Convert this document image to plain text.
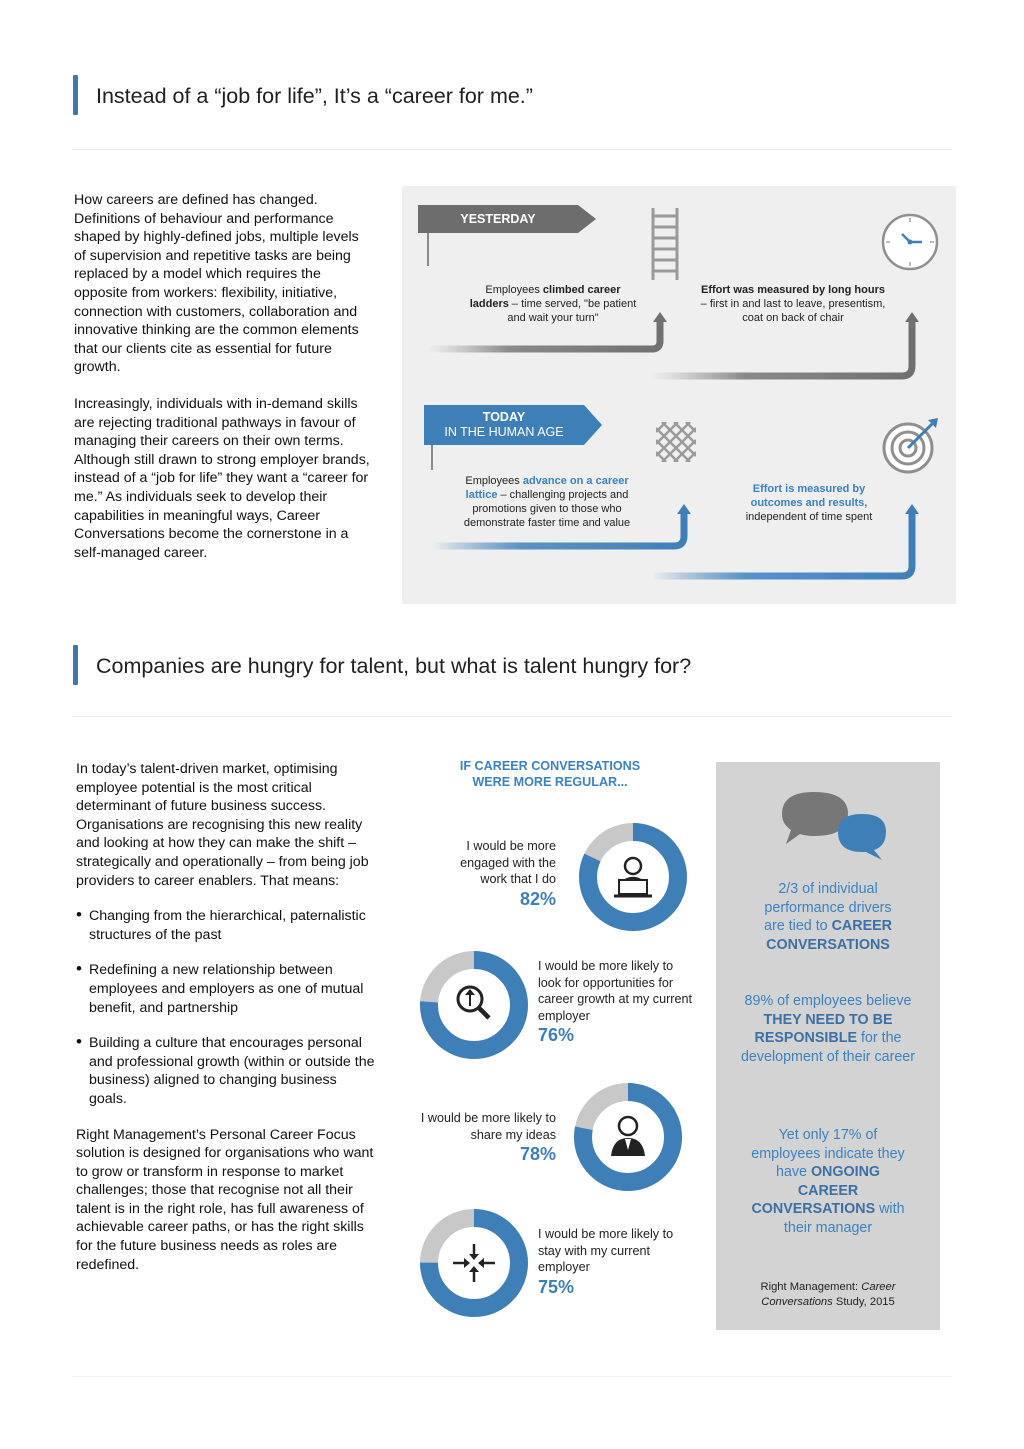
Instead of a “job for life”, It’s a “career for me.”

How careers are defined has changed. Definitions of behaviour and performance shaped by highly-defined jobs, multiple levels of supervision and repetitive tasks are being replaced by a model which requires the opposite from workers: flexibility, initiative, connection with customers, collaboration and innovative thinking are the common elements that our clients cite as essential for future growth.

Increasingly, individuals with in-demand skills are rejecting traditional pathways in favour of managing their careers on their own terms. Although still drawn to strong employer brands, instead of a “job for life” they want a “career for me.” As individuals seek to develop their capabilities in meaningful ways, Career Conversations become the cornerstone in a self-managed career.

YESTERDAY
Employees climbed career ladders – time served, "be patient and wait your turn"
Effort was measured by long hours – first in and last to leave, presentism, coat on back of chair
TODAY
IN THE HUMAN AGE
Employees advance on a career lattice – challenging projects and promotions given to those who demonstrate faster time and value
Effort is measured by outcomes and results, independent of time spent
Companies are hungry for talent, but what is talent hungry for?

In today’s talent-driven market, optimising employee potential is the most critical determinant of future business success. Organisations are recognising this new reality and looking at how they can make the shift – strategically and operationally – from being job providers to career enablers. That means:

• Changing from the hierarchical, paternalistic structures of the past
• Redefining a new relationship between employees and employers as one of mutual benefit, and partnership
• Building a culture that encourages personal and professional growth (within or outside the business) aligned to changing business goals.

Right Management’s Personal Career Focus solution is designed for organisations who want to grow or transform in response to market challenges; those that recognise not all their talent is in the right role, has full awareness of achievable career paths, or has the right skills for the future business needs as roles are redefined.

IF CAREER CONVERSATIONS
WERE MORE REGULAR...
I would be more engaged with the work that I do
82%
I would be more likely to look for opportunities for career growth at my current employer
76%
I would be more likely to share my ideas
78%
I would be more likely to stay with my current employer
75%
2/3 of individual performance drivers are tied to CAREER CONVERSATIONS
89% of employees believe THEY NEED TO BE RESPONSIBLE for the development of their career
Yet only 17% of employees indicate they have ONGOING CAREER CONVERSATIONS with their manager
Right Management: Career Conversations Study, 2015
